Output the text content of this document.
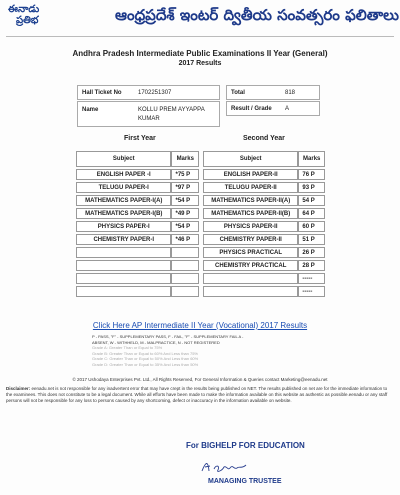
ఈనాడు
ప్రతిభ	ఆంధ్రప్రదేశ్ ఇంటర్ ద్వితీయ సంవత్సరం ఫలితాలు
Andhra Pradesh Intermediate Public Examinations II Year (General)
2017 Results
Hall Ticket No	1702251307
Name	KOLLU PREM AYYAPPA
KUMAR
Total	818
Result / Grade A
First Year
Subject	Marks
ENGLISH PAPER -I	*75 P
TELUGU PAPER-I	*97 P
MATHEMATICS PAPER-I(A)	*54 P
MATHEMATICS PAPER-I(B)	*49 P
PHYSICS PAPER-I	*54 P
CHEMISTRY PAPER-I	*46 P

Second Year
Subject	Marks
ENGLISH PAPER-II	76 P
TELUGU PAPER-II	93 P
MATHEMATICS PAPER-II(A)	54 P
MATHEMATICS PAPER-II(B)	64 P
PHYSICS PAPER-II	60 P
CHEMISTRY PAPER-II	51 P
PHYSICS PRACTICAL	26 P
CHEMISTRY PRACTICAL	28 P
	-----
	-----
Click Here AP Intermediate II Year (Vocational) 2017 Results
P - PASS, "F" - SUPPLEMENTARY PASS, F - FAIL, "F" - SUPPLEMENTARY FAIL A -
ABSENT, W - WITHHELD, M - MALPRACTICE, N - NOT REGISTERED
Grade A: Greater Than or Equal to 75%
Grade B: Greater Than or Equal to 60% And Less than 75%
Grade C: Greater Than or Equal to 50% And Less than 60%
Grade D: Greater Than or Equal to 35% And Less than 50%
© 2017 Ushodaya Enterprises Pvt. Ltd., All Rights Reserved, For General Information & Queries contact Marketing@eenadu.net
Disclaimer: eenadu.net is not responsible for any inadvertent error that may have crept in the results being published on NET. The results published on net are for the immediate information to the examinees. This does not constitute to be a legal document. While all efforts have been made to make the information available on this website as authentic as possible.eenadu or any staff persons will not be responsible for any loss to persons caused by any shortcoming, defect or inaccuracy in the information available on website.
For BIGHELP FOR EDUCATION
MANAGING TRUSTEE
